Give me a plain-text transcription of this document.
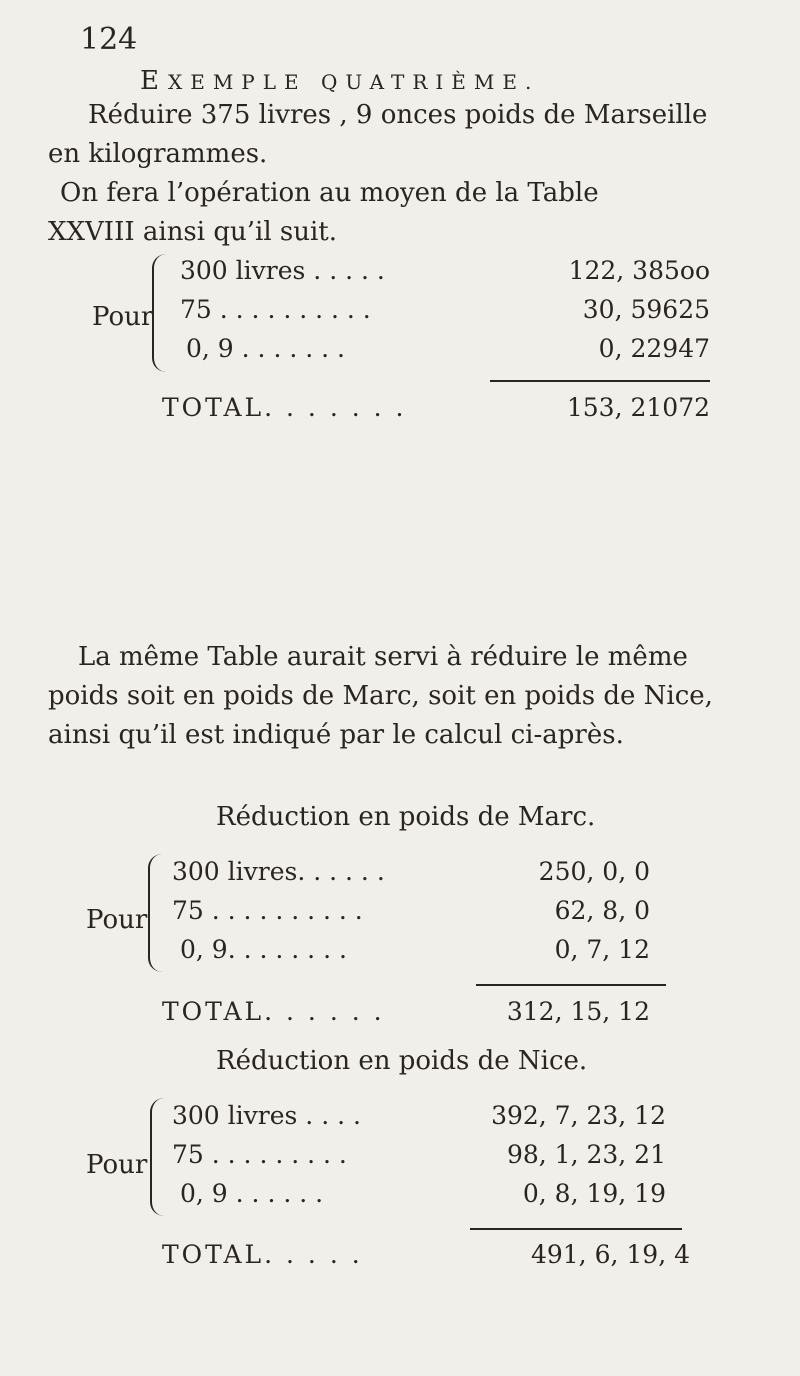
124
EXEMPLE QUATRIÈME.
Réduire 375 livres , 9 onces poids de Marseille
en kilogrammes.
On fera l’opération au moyen de la Table
XXVIII ainsi qu’il suit.
Pour
300 livres . . . . .	122, 385oo
75 . . . . . . . . . .	30, 59625
0, 9 . . . . . . .	0, 22947
TOTAL. . . . . . .	153, 21072
La même Table aurait servi à réduire le même
poids soit en poids de Marc, soit en poids de Nice,
ainsi qu’il est indiqué par le calcul ci-après.
Réduction en poids de Marc.
Pour
300 livres. . . . . .	250, 0, 0
75 . . . . . . . . . .	62, 8, 0
0, 9. . . . . . . .	0, 7, 12
TOTAL. . . . . .	312, 15, 12
Réduction en poids de Nice.
Pour
300 livres . . . .	392, 7, 23, 12
75 . . . . . . . . .	98, 1, 23, 21
0, 9 . . . . . .	0, 8, 19, 19
TOTAL. . . . .	491, 6, 19, 4
